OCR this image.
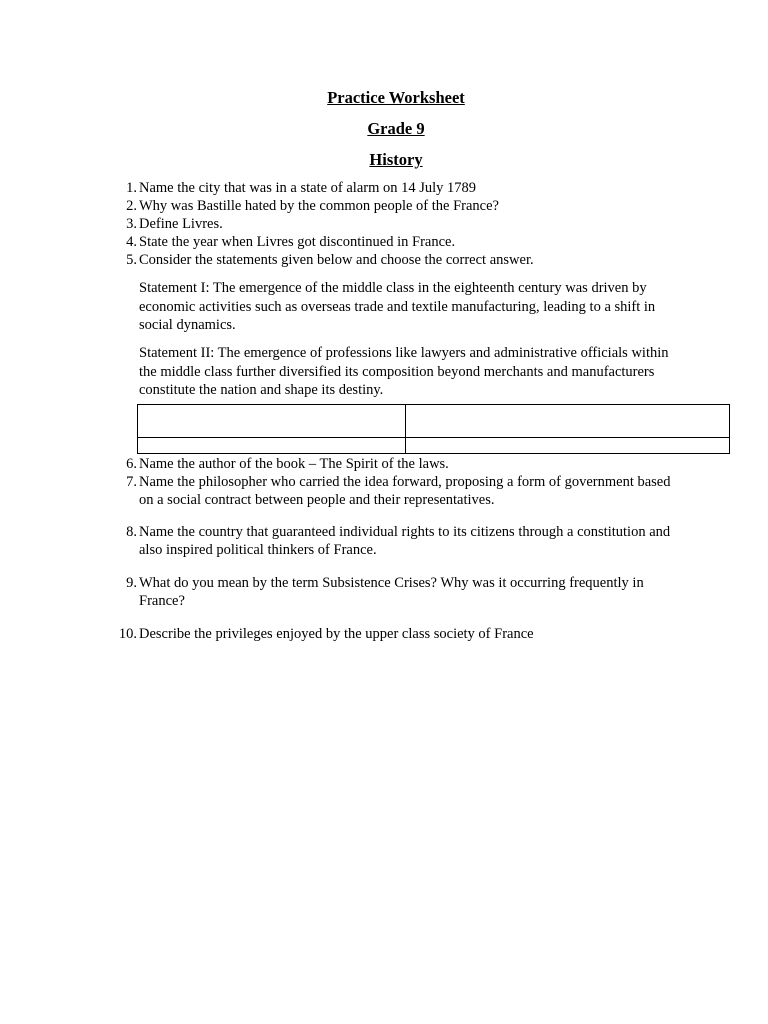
Practice Worksheet
Grade 9
History
1. Name the city that was in a state of alarm on 14 July 1789
2. Why was Bastille hated by the common people of the France?
3. Define Livres.
4. State the year when Livres got discontinued in France.
5. Consider the statements given below and choose the correct answer.
Statement I: The emergence of the middle class in the eighteenth century was driven by economic activities such as overseas trade and textile manufacturing, leading to a shift in social dynamics.
Statement II: The emergence of professions like lawyers and administrative officials within the middle class further diversified its composition beyond merchants and manufacturers constitute the nation and shape its destiny.

6. Name the author of the book – The Spirit of the laws.
7. Name the philosopher who carried the idea forward, proposing a form of government based on a social contract between people and their representatives.
8. Name the country that guaranteed individual rights to its citizens through a constitution and also inspired political thinkers of France.
9. What do you mean by the term Subsistence Crises? Why was it occurring frequently in France?
10. Describe the privileges enjoyed by the upper class society of France
